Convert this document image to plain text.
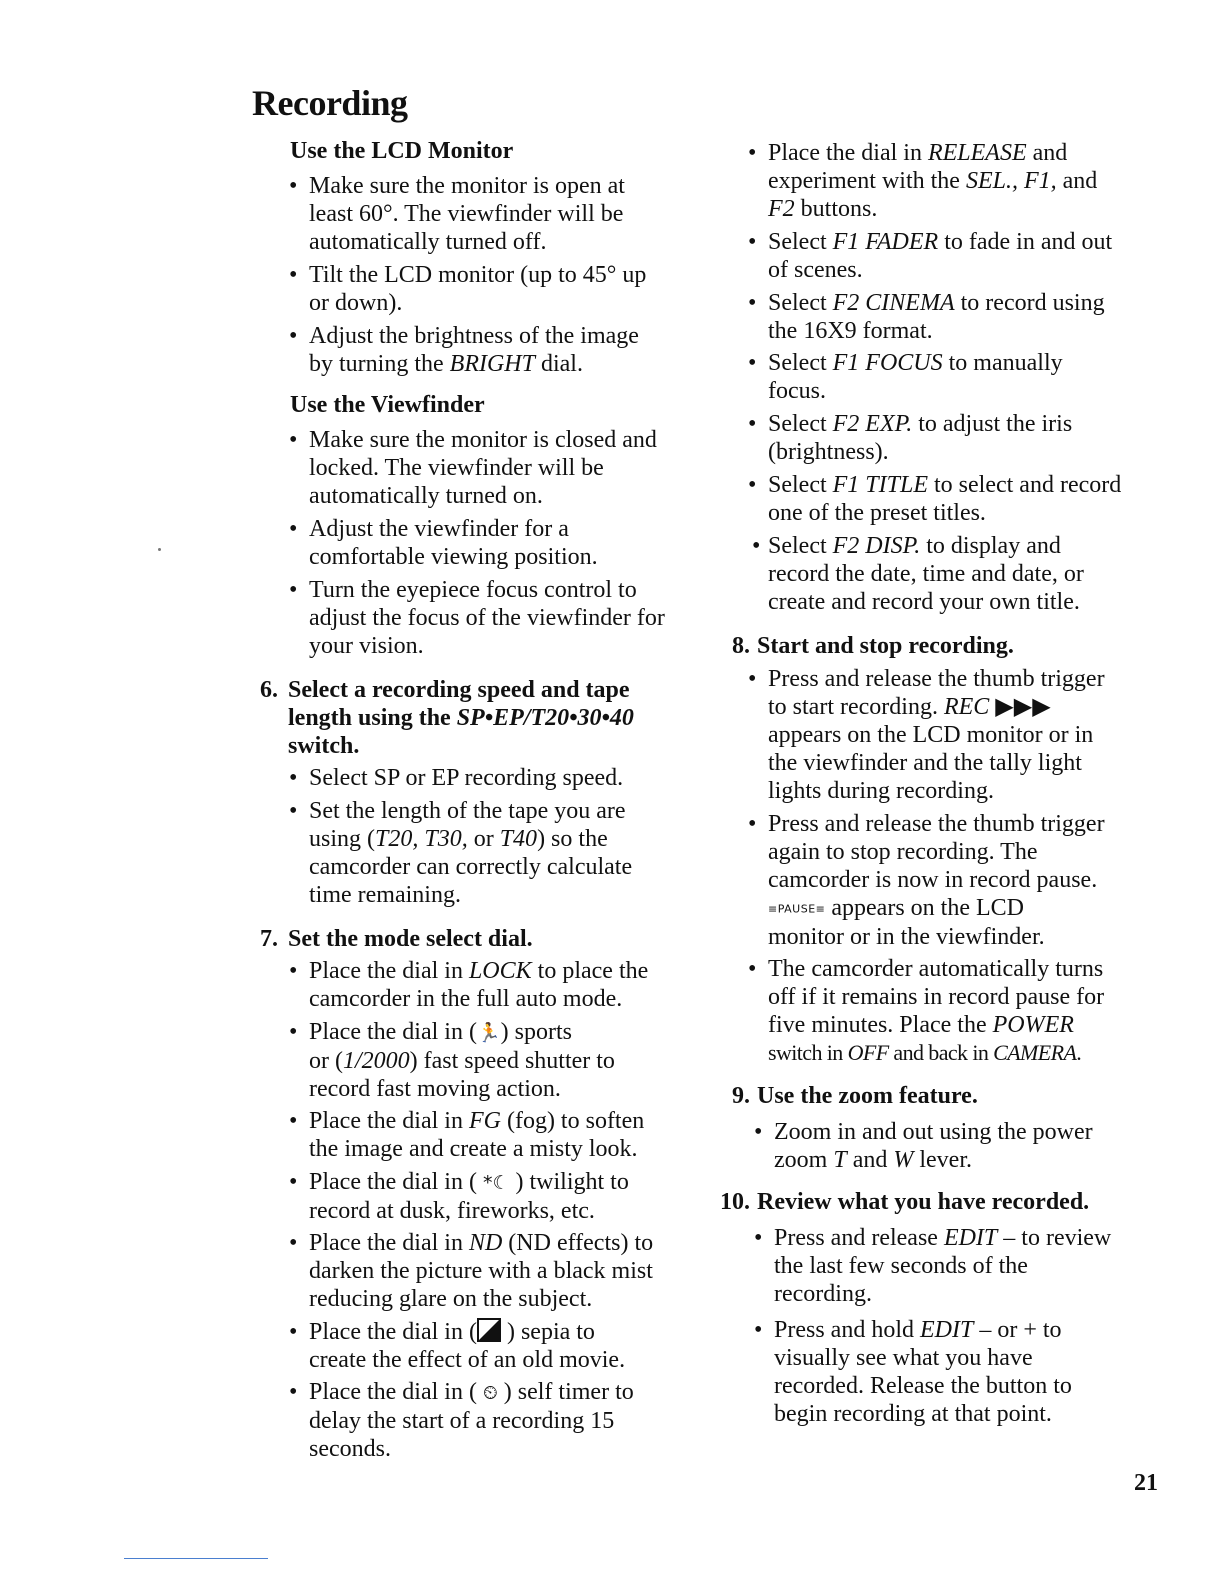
Recording
Use the LCD Monitor

• Make sure the monitor is open at
least 60°. The viewfinder will be
automatically turned off.

• Tilt the LCD monitor (up to 45° up
or down).

• Adjust the brightness of the image
by turning the BRIGHT dial.

Use the Viewfinder

• Make sure the monitor is closed and
locked. The viewfinder will be
automatically turned on.

• Adjust the viewfinder for a
comfortable viewing position.

• Turn the eyepiece focus control to
adjust the focus of the viewfinder for
your vision.

6. Select a recording speed and tape
length using the SP•EP/T20•30•40
switch.

• Select SP or EP recording speed.

• Set the length of the tape you are
using (T20, T30, or T40) so the
camcorder can correctly calculate
time remaining.

7. Set the mode select dial.

• Place the dial in LOCK to place the
camcorder in the full auto mode.

• Place the dial in (🏃) sports
or (1/2000) fast speed shutter to
record fast moving action.

• Place the dial in FG (fog) to soften
the image and create a misty look.

• Place the dial in ( *☾ ) twilight to
record at dusk, fireworks, etc.

• Place the dial in ND (ND effects) to
darken the picture with a black mist
reducing glare on the subject.

• Place the dial in ( ) sepia to
create the effect of an old movie.

• Place the dial in ( ⏲ ) self timer to
delay the start of a recording 15
seconds.

• Place the dial in RELEASE and
experiment with the SEL., F1, and
F2 buttons.

• Select F1 FADER to fade in and out
of scenes.

• Select F2 CINEMA to record using
the 16X9 format.

• Select F1 FOCUS to manually
focus.

• Select F2 EXP. to adjust the iris
(brightness).

• Select F1 TITLE to select and record
one of the preset titles.

• Select F2 DISP. to display and
record the date, time and date, or
create and record your own title.

8. Start and stop recording.

• Press and release the thumb trigger
to start recording. REC ▶▶▶
appears on the LCD monitor or in
the viewfinder and the tally light
lights during recording.

• Press and release the thumb trigger
again to stop recording. The
camcorder is now in record pause.
≡PAUSE≡ appears on the LCD
monitor or in the viewfinder.

• The camcorder automatically turns
off if it remains in record pause for
five minutes. Place the POWER
switch in OFF and back in CAMERA.

9. Use the zoom feature.

• Zoom in and out using the power
zoom T and W lever.

10. Review what you have recorded.

• Press and release EDIT – to review
the last few seconds of the
recording.

• Press and hold EDIT – or + to
visually see what you have
recorded. Release the button to
begin recording at that point.

21
